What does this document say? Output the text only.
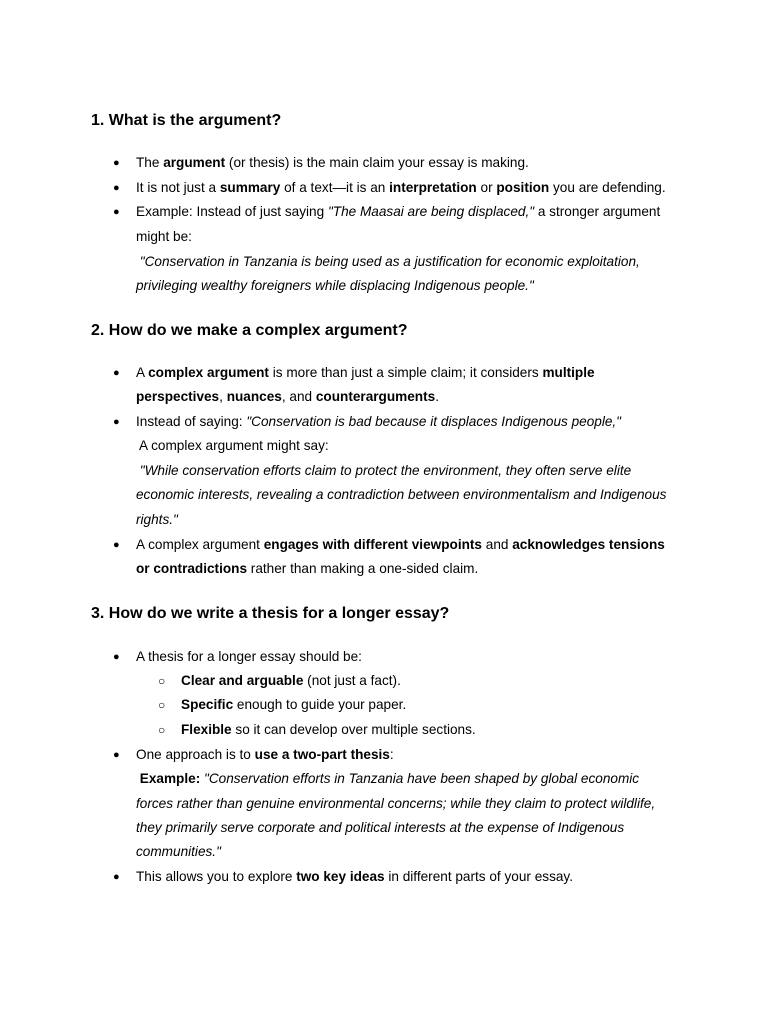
1. What is the argument?
● The argument (or thesis) is the main claim your essay is making.
● It is not just a summary of a text—it is an interpretation or position you are defending.
● Example: Instead of just saying "The Maasai are being displaced," a stronger argument
might be:
"Conservation in Tanzania is being used as a justification for economic exploitation,
privileging wealthy foreigners while displacing Indigenous people."
2. How do we make a complex argument?
● A complex argument is more than just a simple claim; it considers multiple
perspectives, nuances, and counterarguments.
● Instead of saying: "Conservation is bad because it displaces Indigenous people,"
A complex argument might say:
"While conservation efforts claim to protect the environment, they often serve elite
economic interests, revealing a contradiction between environmentalism and Indigenous
rights."
● A complex argument engages with different viewpoints and acknowledges tensions
or contradictions rather than making a one-sided claim.
3. How do we write a thesis for a longer essay?
● A thesis for a longer essay should be:
○ Clear and arguable (not just a fact).
○ Specific enough to guide your paper.
○ Flexible so it can develop over multiple sections.
● One approach is to use a two-part thesis:
Example: "Conservation efforts in Tanzania have been shaped by global economic
forces rather than genuine environmental concerns; while they claim to protect wildlife,
they primarily serve corporate and political interests at the expense of Indigenous
communities."
● This allows you to explore two key ideas in different parts of your essay.
